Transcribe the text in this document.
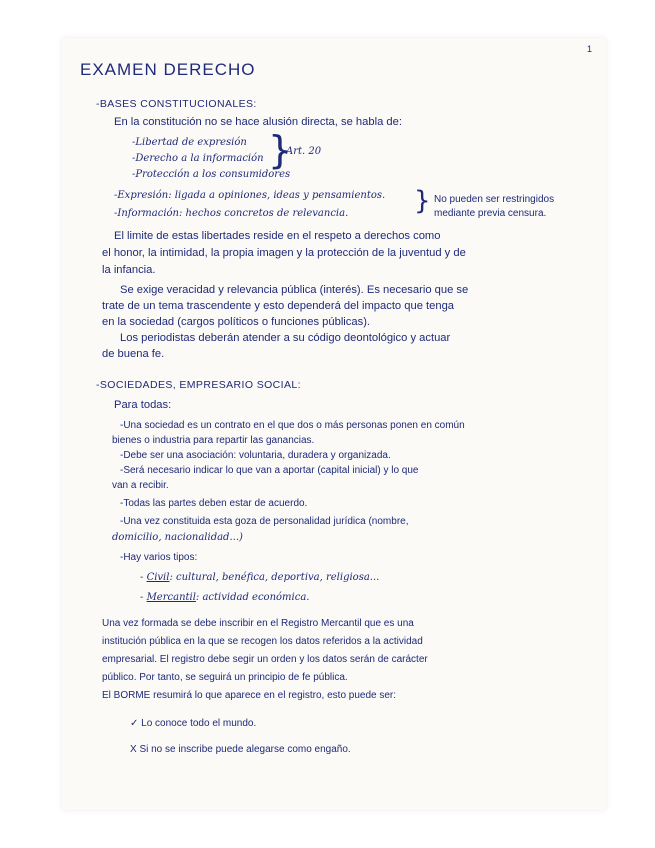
1
EXAMEN DERECHO
-BASES CONSTITUCIONALES:
En la constitución no se hace alusión directa, se habla de:
-Libertad de expresión
-Derecho a la información
-Protección a los consumidores
}
Art. 20
-Expresión: ligada a opiniones, ideas y pensamientos.
-Información: hechos concretos de relevancia.	} No pueden ser restringidos
mediante previa censura.
El limite de estas libertades reside en el respeto a derechos como
el honor, la intimidad, la propia imagen y la protección de la juventud y de
la infancia.
Se exige veracidad y relevancia pública (interés). Es necesario que se
trate de un tema trascendente y esto dependerá del impacto que tenga
en la sociedad (cargos políticos o funciones públicas).
Los periodistas deberán atender a su código deontológico y actuar
de buena fe.
-SOCIEDADES, EMPRESARIO SOCIAL:
Para todas:
-Una sociedad es un contrato en el que dos o más personas ponen en común
bienes o industria para repartir las ganancias.
-Debe ser una asociación: voluntaria, duradera y organizada.
-Será necesario indicar lo que van a aportar (capital inicial) y lo que
van a recibir.
-Todas las partes deben estar de acuerdo.
-Una vez constituida esta goza de personalidad jurídica (nombre,
domicilio, nacionalidad...)
-Hay varios tipos:
- Civil: cultural, benéfica, deportiva, religiosa...
- Mercantil: actividad económica.
Una vez formada se debe inscribir en el Registro Mercantil que es una
institución pública en la que se recogen los datos referidos a la actividad
empresarial. El registro debe segir un orden y los datos serán de carácter
público. Por tanto, se seguirá un principio de fe pública.
El BORME resumirá lo que aparece en el registro, esto puede ser:
✓ Lo conoce todo el mundo.
X Si no se inscribe puede alegarse como engaño.
